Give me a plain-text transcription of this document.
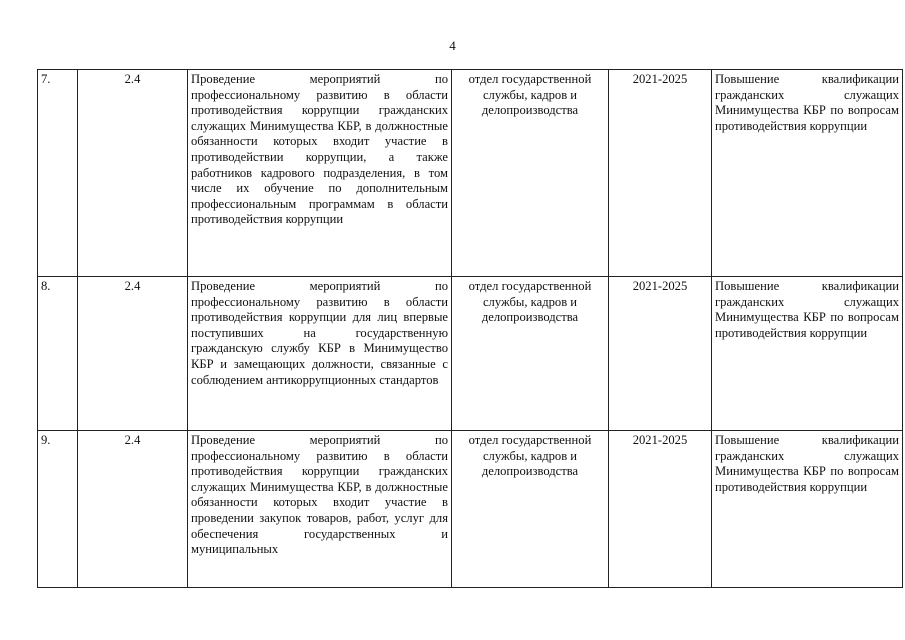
4
7.	2.4	Проведение мероприятий по профессиональному развитию в области противодействия коррупции гражданских служащих Минимущества КБР, в должностные обязанности которых входит участие в противодействии коррупции, а также работников кадрового подразделения, в том числе их обучение по дополнительным профессиональным программам в области противодействия коррупции	отдел государственной службы, кадров и делопроизводства	2021-2025	Повышение квалификации гражданских служащих Минимущества КБР по вопросам противодействия коррупции
8.	2.4	Проведение мероприятий по профессиональному развитию в области противодействия коррупции для лиц впервые поступивших на государственную гражданскую службу КБР в Минимущество КБР и замещающих должности, связанные с соблюдением антикоррупционных стандартов	отдел государственной службы, кадров и делопроизводства	2021-2025	Повышение квалификации гражданских служащих Минимущества КБР по вопросам противодействия коррупции
9.	2.4	Проведение мероприятий по профессиональному развитию в области противодействия коррупции гражданских служащих Минимущества КБР, в должностные обязанности которых входит участие в проведении закупок товаров, работ, услуг для обеспечения государственных и муниципальных	отдел государственной службы, кадров и делопроизводства	2021-2025	Повышение квалификации гражданских служащих Минимущества КБР по вопросам противодействия коррупции
